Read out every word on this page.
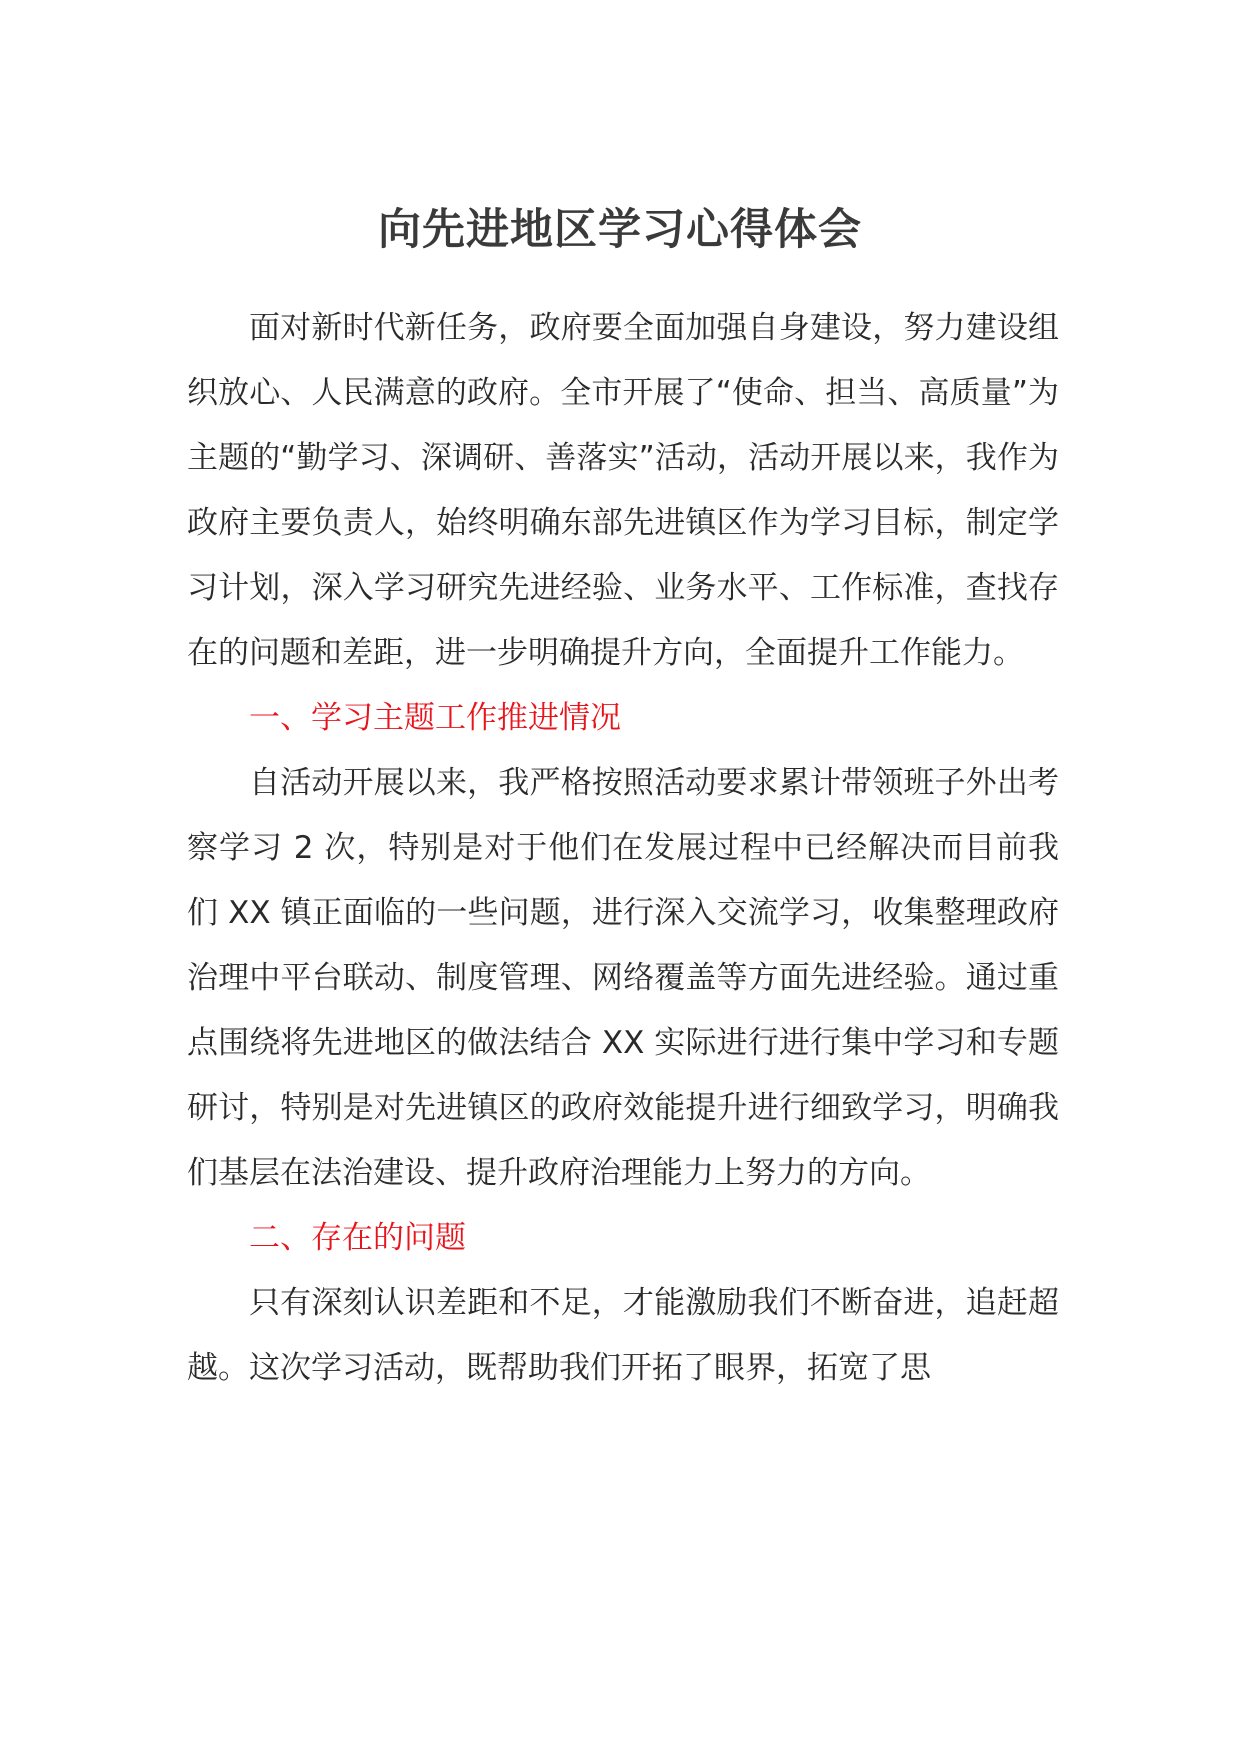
向先进地区学习心得体会

面对新时代新任务，政府要全面加强自身建设，努力建设组织放心、人民满意的政府。全市开展了“使命、担当、高质量”为主题的“勤学习、深调研、善落实”活动，活动开展以来，我作为政府主要负责人，始终明确东部先进镇区作为学习目标，制定学习计划，深入学习研究先进经验、业务水平、工作标准，查找存在的问题和差距，进一步明确提升方向，全面提升工作能力。

一、学习主题工作推进情况

自活动开展以来，我严格按照活动要求累计带领班子外出考察学习 2 次，特别是对于他们在发展过程中已经解决而目前我们 XX 镇正面临的一些问题，进行深入交流学习，收集整理政府治理中平台联动、制度管理、网络覆盖等方面先进经验。通过重点围绕将先进地区的做法结合 XX 实际进行进行集中学习和专题研讨，特别是对先进镇区的政府效能提升进行细致学习，明确我们基层在法治建设、提升政府治理能力上努力的方向。

二、存在的问题

只有深刻认识差距和不足，才能激励我们不断奋进，追赶超越。这次学习活动，既帮助我们开拓了眼界，拓宽了思
